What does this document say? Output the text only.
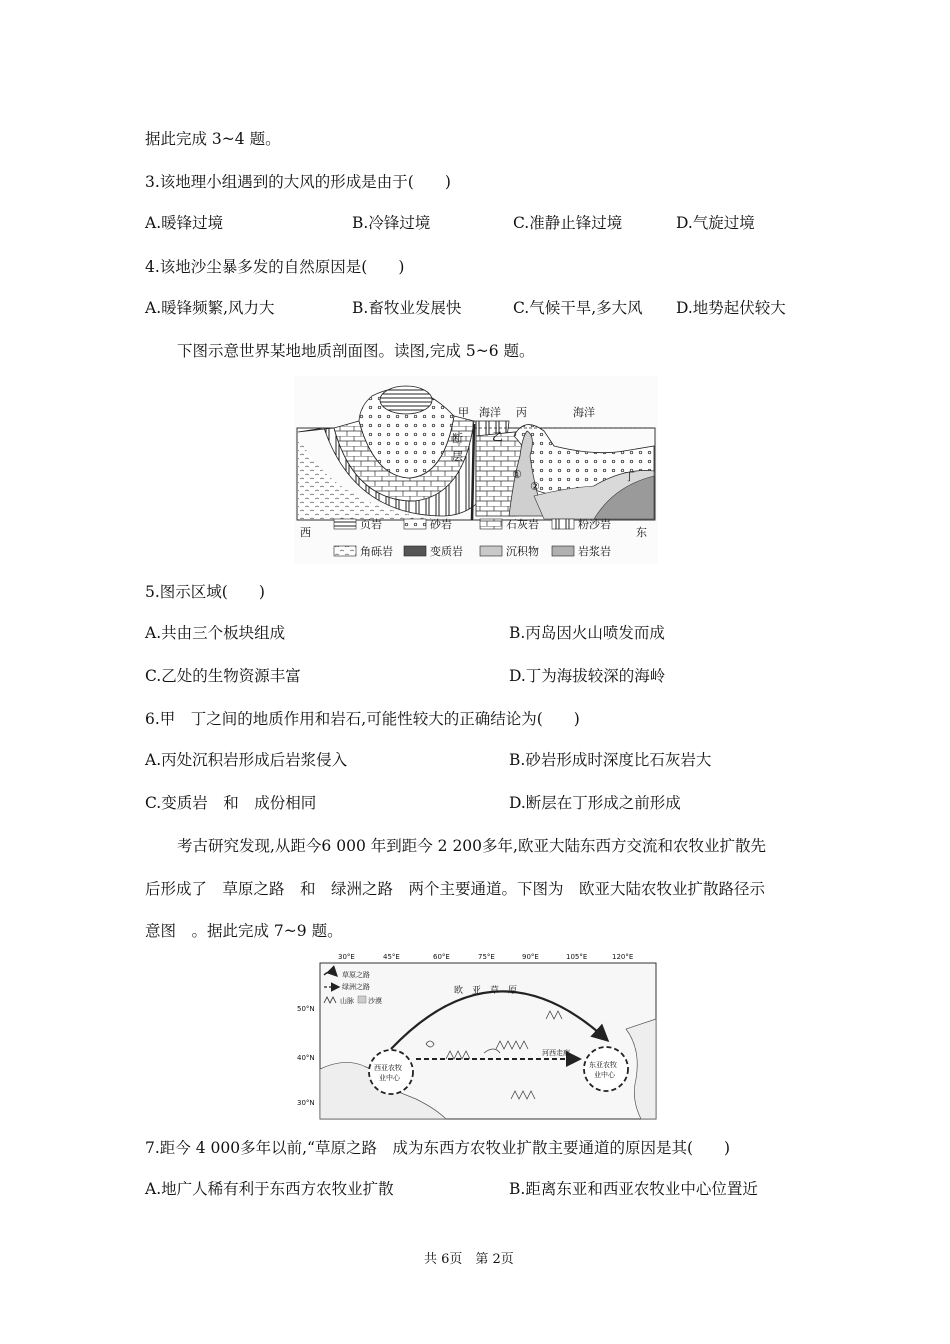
据此完成 3~4 题。
3.该地理小组遇到的大风的形成是由于(　　)
A.暖锋过境	B.冷锋过境	C.准静止锋过境	D.气旋过境
4.该地沙尘暴多发的自然原因是(　　)
A.暖锋频繁,风力大	B.畜牧业发展快	C.气候干旱,多大风 D.地势起伏较大
下图示意世界某地地质剖面图。读图,完成 5~6 题。
甲 海洋 丙	海洋
乙
断
层
丁
①
②
西	东
页岩	砂岩	石灰岩	粉沙岩
角砾岩	变质岩	沉积物	岩浆岩
5.图示区域(　　)
A.共由三个板块组成	B.丙岛因火山喷发而成
C.乙处的生物资源丰富	D.丁为海拔较深的海岭
6.甲　丁之间的地质作用和岩石,可能性较大的正确结论为(　　)
A.丙处沉积岩形成后岩浆侵入	B.砂岩形成时深度比石灰岩大
C.变质岩　和　成份相同	D.断层在丁形成之前形成
考古研究发现,从距今6 000 年到距今 2 200多年,欧亚大陆东西方交流和农牧业扩散先
后形成了　草原之路　和　绿洲之路　两个主要通道。下图为　欧亚大陆农牧业扩散路径示
意图　。据此完成 7~9 题。
30°E	45°E	60°E	75°E	90°E	105°E	120°E
50°N
40°N
30°N
西亚农牧
业中心
东亚农牧
业中心
河西走廊
欧　亚　草　原
草原之路
绿洲之路
山脉 沙漠
7.距今 4 000多年以前,“草原之路　成为东西方农牧业扩散主要通道的原因是其(　　)
A.地广人稀有利于东西方农牧业扩散	B.距离东亚和西亚农牧业中心位置近
共 6页　第 2页
